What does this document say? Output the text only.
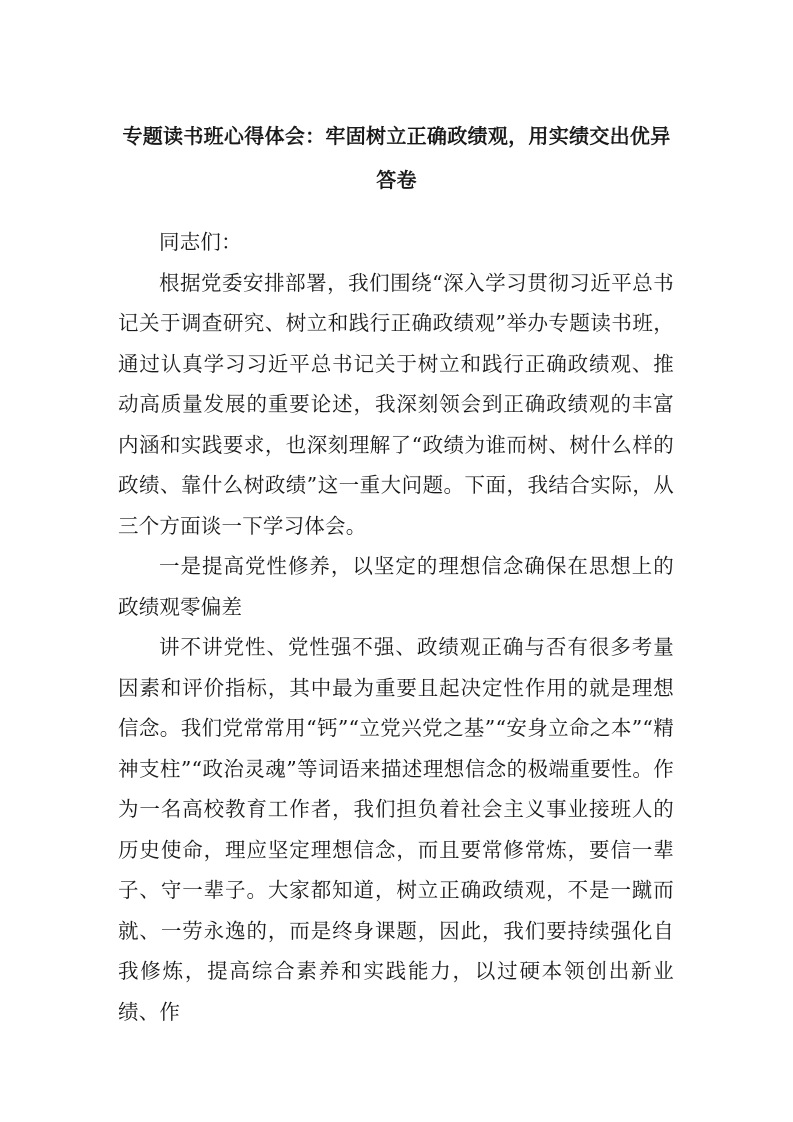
专题读书班心得体会：牢固树立正确政绩观，用实绩交出优异答卷

同志们：

根据党委安排部署，我们围绕“深入学习贯彻习近平总书记关于调查研究、树立和践行正确政绩观”举办专题读书班，通过认真学习习近平总书记关于树立和践行正确政绩观、推动高质量发展的重要论述，我深刻领会到正确政绩观的丰富内涵和实践要求，也深刻理解了“政绩为谁而树、树什么样的政绩、靠什么树政绩”这一重大问题。下面，我结合实际，从三个方面谈一下学习体会。

一是提高党性修养，以坚定的理想信念确保在思想上的政绩观零偏差

讲不讲党性、党性强不强、政绩观正确与否有很多考量因素和评价指标，其中最为重要且起决定性作用的就是理想信念。我们党常常用“钙”“立党兴党之基”“安身立命之本”“精神支柱”“政治灵魂”等词语来描述理想信念的极端重要性。作为一名高校教育工作者，我们担负着社会主义事业接班人的历史使命，理应坚定理想信念，而且要常修常炼，要信一辈子、守一辈子。大家都知道，树立正确政绩观，不是一蹴而就、一劳永逸的，而是终身课题，因此，我们要持续强化自我修炼，提高综合素养和实践能力，以过硬本领创出新业绩、作
